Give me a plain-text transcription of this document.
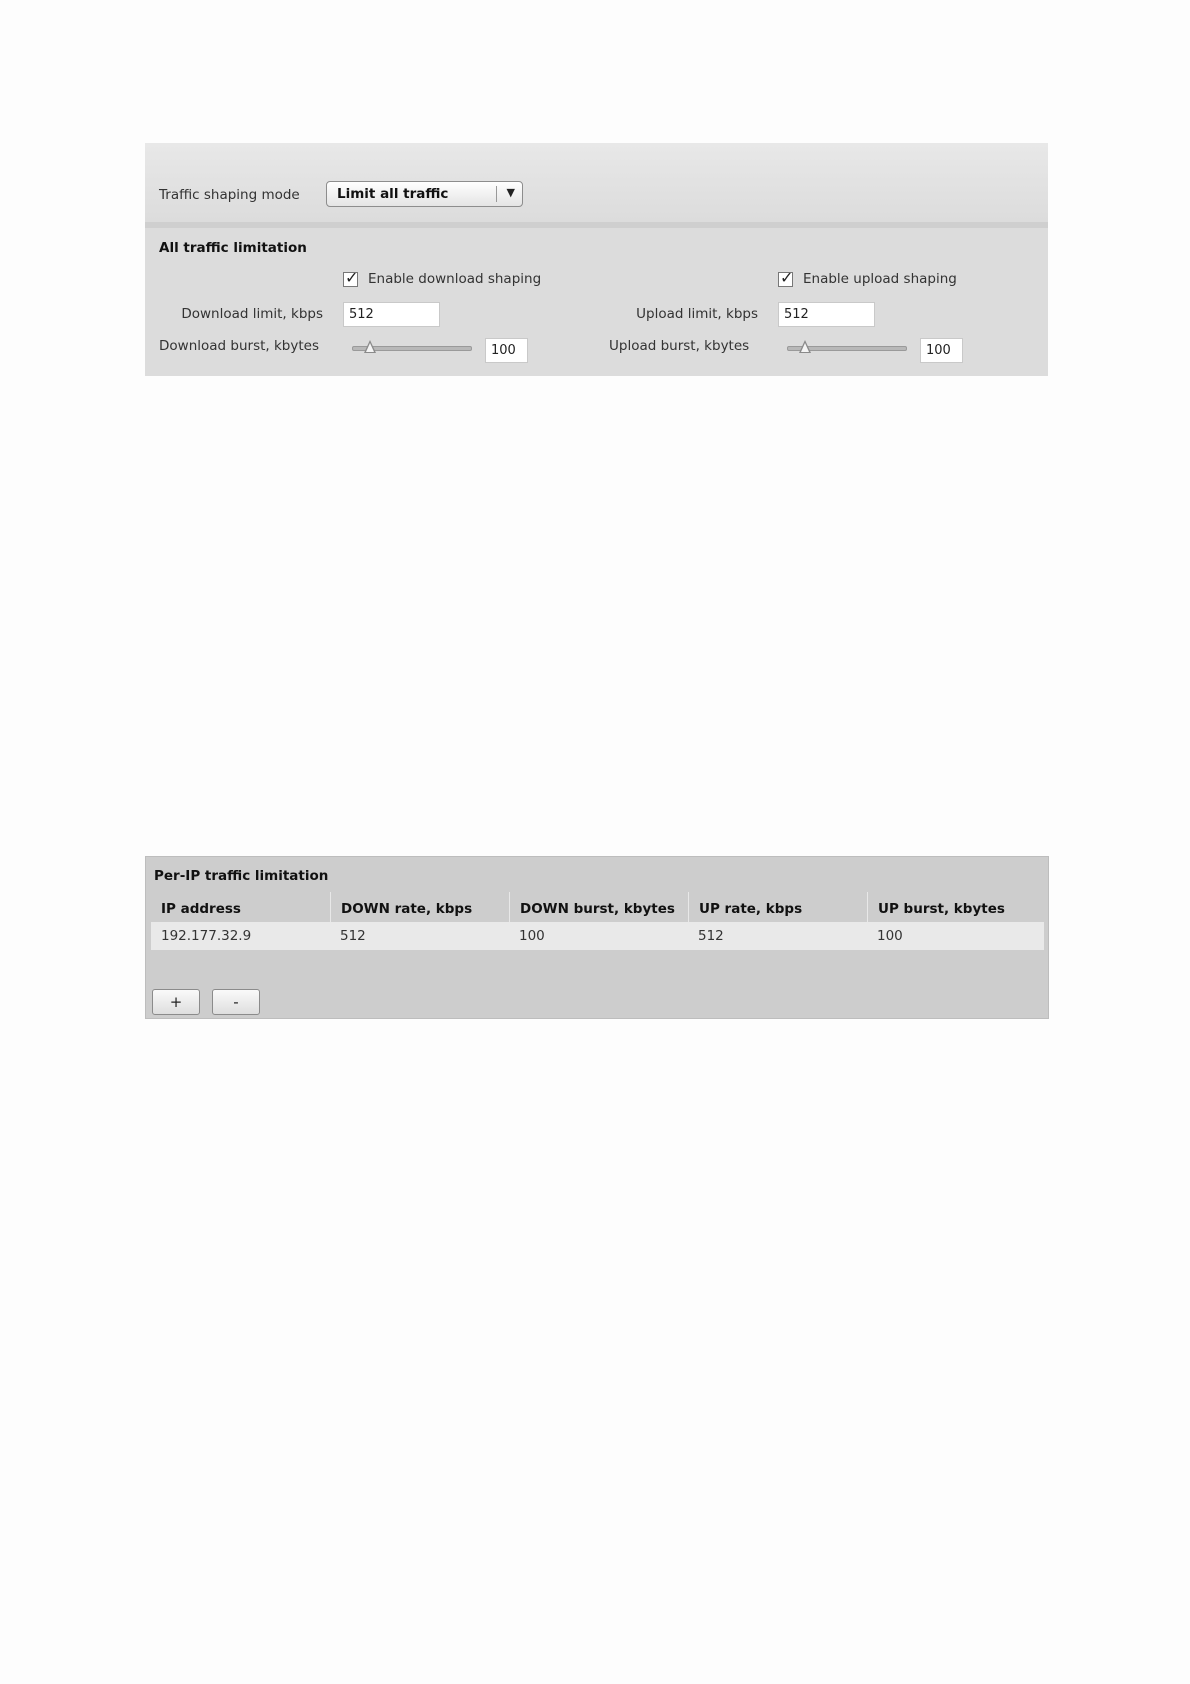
Traffic shaping mode	Limit all traffic	▼
All traffic limitation
✓ Enable download shaping
Download limit, kbps
512
Download burst, kbytes
100
✓ Enable upload shaping
Upload limit, kbps
512
Upload burst, kbytes
100
Per-IP traffic limitation
IP address	DOWN rate, kbps	DOWN burst, kbytes	UP rate, kbps	UP burst, kbytes
192.177.32.9	512	100	512	100
+	-
